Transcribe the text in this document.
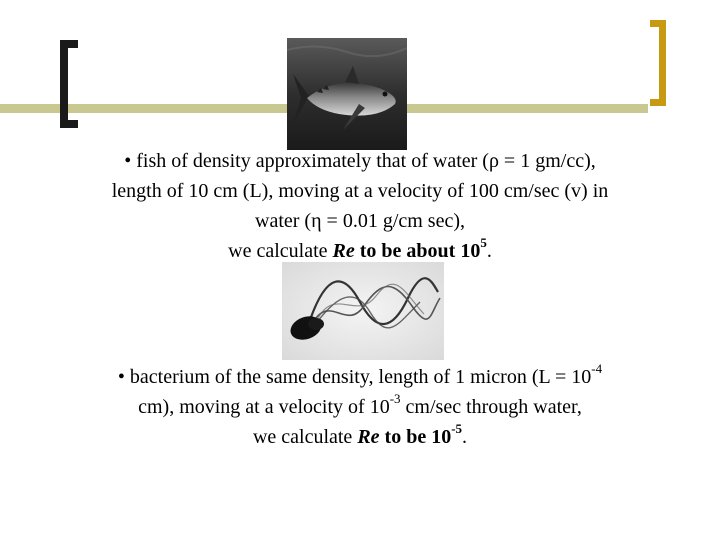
• fish of density approximately that of water (ρ = 1 gm/cc),
length of 10 cm (L), moving at a velocity of 100 cm/sec (v) in
water (η = 0.01 g/cm sec),
we calculate Re to be about $10^5$.
• bacterium of the same density, length of 1 micron ($L = 10^{-4}$
cm), moving at a velocity of $10^{-3}$ cm/sec through water,
we calculate Re to be $10^{-5}$.
